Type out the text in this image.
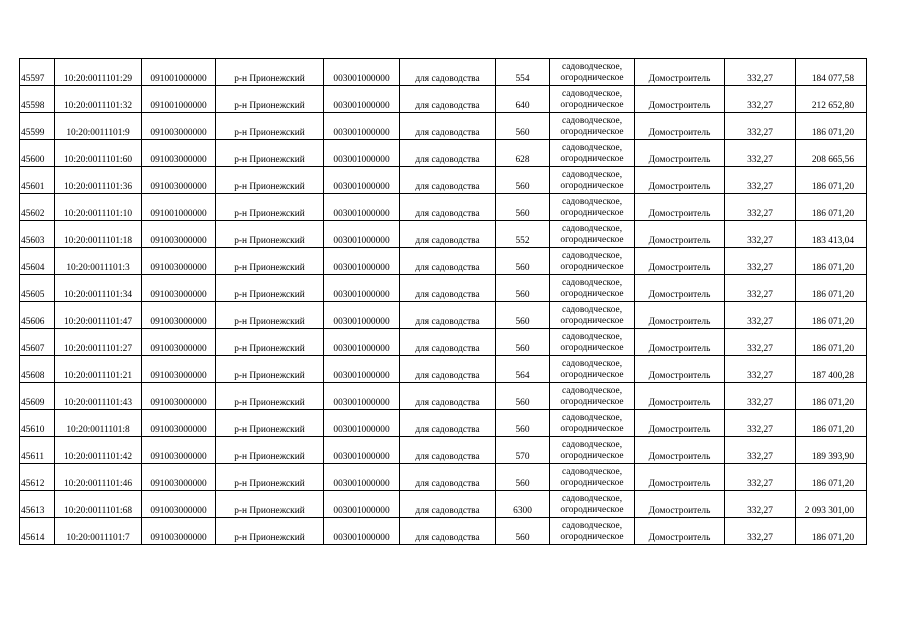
45597	10:20:0011101:29	091001000000	р-н Прионежский	003001000000	для садоводства	554	садоводческое,
огородническое	Домостроитель	332,27	184 077,58
45598	10:20:0011101:32	091001000000	р-н Прионежский	003001000000	для садоводства	640	садоводческое,
огородническое	Домостроитель	332,27	212 652,80
45599	10:20:0011101:9	091003000000	р-н Прионежский	003001000000	для садоводства	560	садоводческое,
огородническое	Домостроитель	332,27	186 071,20
45600	10:20:0011101:60	091003000000	р-н Прионежский	003001000000	для садоводства	628	садоводческое,
огородническое	Домостроитель	332,27	208 665,56
45601	10:20:0011101:36	091003000000	р-н Прионежский	003001000000	для садоводства	560	садоводческое,
огородническое	Домостроитель	332,27	186 071,20
45602	10:20:0011101:10	091001000000	р-н Прионежский	003001000000	для садоводства	560	садоводческое,
огородническое	Домостроитель	332,27	186 071,20
45603	10:20:0011101:18	091003000000	р-н Прионежский	003001000000	для садоводства	552	садоводческое,
огородническое	Домостроитель	332,27	183 413,04
45604	10:20:0011101:3	091003000000	р-н Прионежский	003001000000	для садоводства	560	садоводческое,
огородническое	Домостроитель	332,27	186 071,20
45605	10:20:0011101:34	091003000000	р-н Прионежский	003001000000	для садоводства	560	садоводческое,
огородническое	Домостроитель	332,27	186 071,20
45606	10:20:0011101:47	091003000000	р-н Прионежский	003001000000	для садоводства	560	садоводческое,
огородническое	Домостроитель	332,27	186 071,20
45607	10:20:0011101:27	091003000000	р-н Прионежский	003001000000	для садоводства	560	садоводческое,
огородническое	Домостроитель	332,27	186 071,20
45608	10:20:0011101:21	091003000000	р-н Прионежский	003001000000	для садоводства	564	садоводческое,
огородническое	Домостроитель	332,27	187 400,28
45609	10:20:0011101:43	091003000000	р-н Прионежский	003001000000	для садоводства	560	садоводческое,
огородническое	Домостроитель	332,27	186 071,20
45610	10:20:0011101:8	091003000000	р-н Прионежский	003001000000	для садоводства	560	садоводческое,
огородническое	Домостроитель	332,27	186 071,20
45611	10:20:0011101:42	091003000000	р-н Прионежский	003001000000	для садоводства	570	садоводческое,
огородническое	Домостроитель	332,27	189 393,90
45612	10:20:0011101:46	091003000000	р-н Прионежский	003001000000	для садоводства	560	садоводческое,
огородническое	Домостроитель	332,27	186 071,20
45613	10:20:0011101:68	091003000000	р-н Прионежский	003001000000	для садоводства	6300	садоводческое,
огородническое	Домостроитель	332,27	2 093 301,00
45614	10:20:0011101:7	091003000000	р-н Прионежский	003001000000	для садоводства	560	садоводческое,
огородническое	Домостроитель	332,27	186 071,20
